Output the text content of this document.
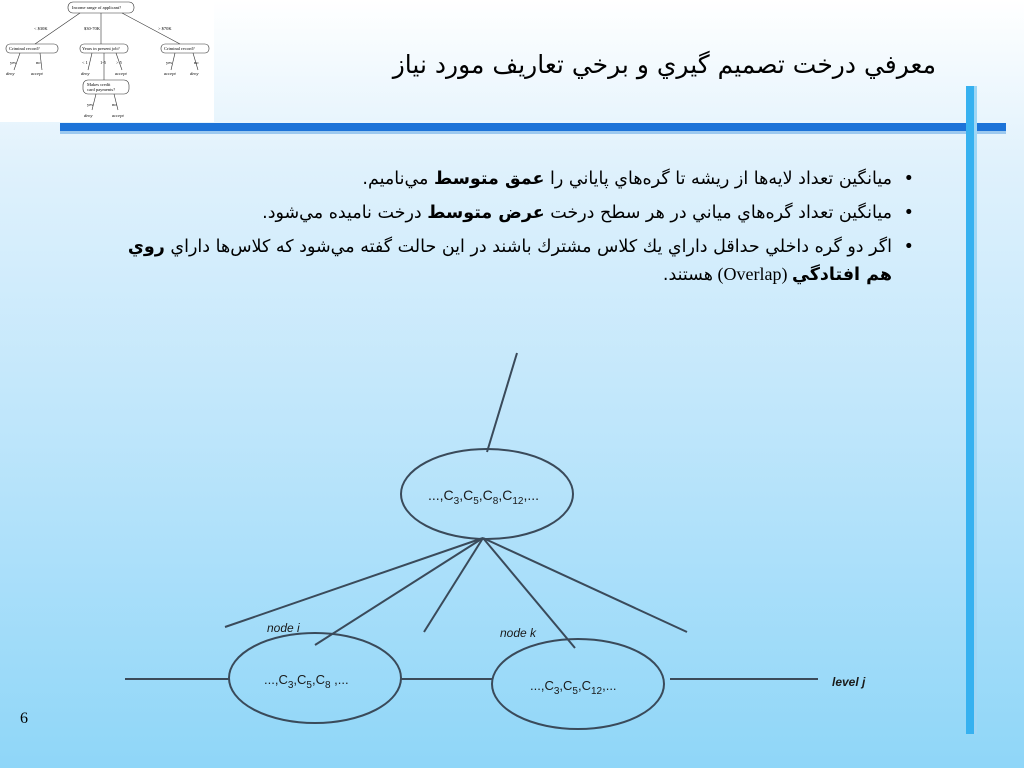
Income range of applicant?
< $30K	$30-70K	> $70K
Criminal record?	Years in present job?	Criminal record?
yes	no	< 1	1-5 > 5	yes	no
deny	accept	deny	accept	accept	deny
Makes credit
card payments?
yes	no
deny	accept
معرفي درخت تصميم گيري و برخي تعاريف مورد نياز
• ميانگين تعداد لايه‌ها از ريشه تا گره‌هاي پاياني را عمق متوسط مي‌ناميم.
• ميانگين تعداد گره‌هاي مياني در هر سطح درخت عرض متوسط درخت ناميده مي‌شود.
• اگر دو گره داخلي حداقل داراي يك كلاس مشترك باشند در اين حالت گفته مي‌شود كه كلاس‌ها داراي روي هم افتادگي (Overlap) هستند.
$...,C_3,C_5,C_8,C_{12}$,...
$...,C_3,C_5,C_8$ ,...	$...,C_3,C_5,C_{12}$,...
node i	node k
level j
6
